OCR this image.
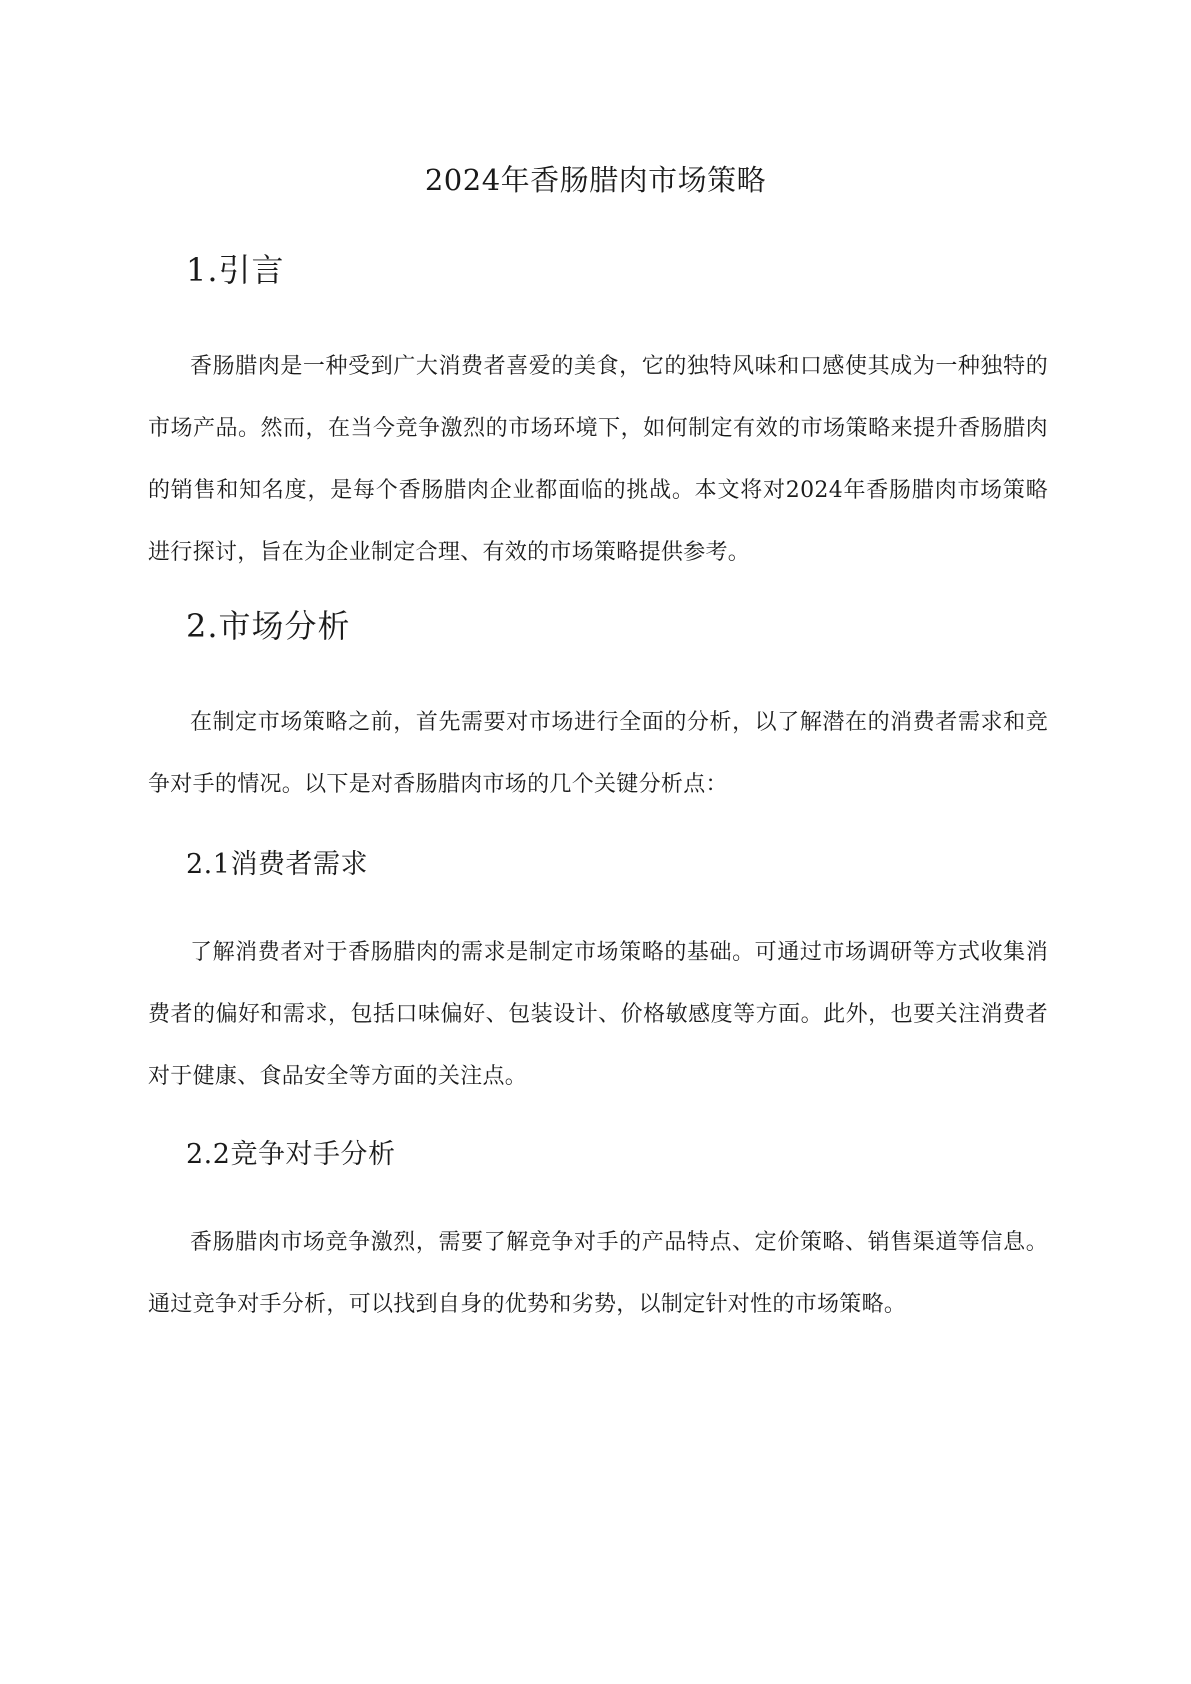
2024年香肠腊肉市场策略
1.引言

香肠腊肉是一种受到广大消费者喜爱的美食，它的独特风味和口感使其成为一种独特的市场产品。然而，在当今竞争激烈的市场环境下，如何制定有效的市场策略来提升香肠腊肉的销售和知名度，是每个香肠腊肉企业都面临的挑战。本文将对2024年香肠腊肉市场策略进行探讨，旨在为企业制定合理、有效的市场策略提供参考。

2.市场分析

在制定市场策略之前，首先需要对市场进行全面的分析，以了解潜在的消费者需求和竞争对手的情况。以下是对香肠腊肉市场的几个关键分析点：

2.1消费者需求

了解消费者对于香肠腊肉的需求是制定市场策略的基础。可通过市场调研等方式收集消费者的偏好和需求，包括口味偏好、包装设计、价格敏感度等方面。此外，也要关注消费者对于健康、食品安全等方面的关注点。

2.2竞争对手分析

香肠腊肉市场竞争激烈，需要了解竞争对手的产品特点、定价策略、销售渠道等信息。通过竞争对手分析，可以找到自身的优势和劣势，以制定针对性的市场策略。
